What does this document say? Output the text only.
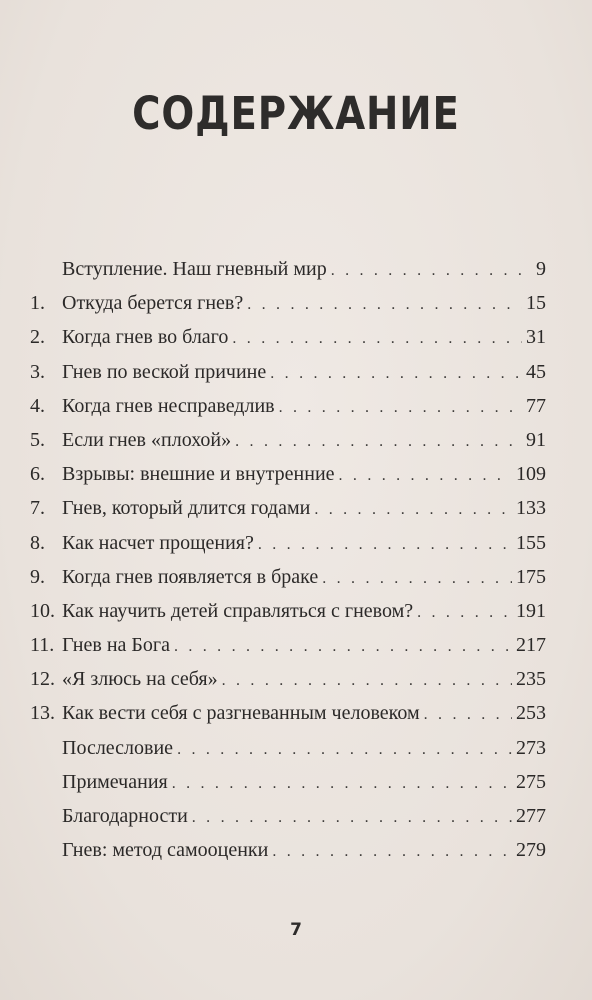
СОДЕРЖАНИЕ
Вступление. Наш гневный мир . . .	9
1. Откуда берется гнев? . . .	15
2. Когда гнев во благо . . .	31
3. Гнев по веской причине . . .	45
4. Когда гнев несправедлив . . .	77
5. Если гнев «плохой» . . .	91
6. Взрывы: внешние и внутренние . . .	109
7. Гнев, который длится годами . . .	133
8. Как насчет прощения? . . .	155
9. Когда гнев появляется в браке . . .	175
10. Как научить детей справляться с гневом? . . .	191
11. Гнев на Бога . . .	217
12. «Я злюсь на себя» . . .	235
13. Как вести себя с разгневанным человеком . . .	253
Послесловие . . .	273
Примечания . . .	275
Благодарности . . .	277
Гнев: метод самооценки . . .	279
7
